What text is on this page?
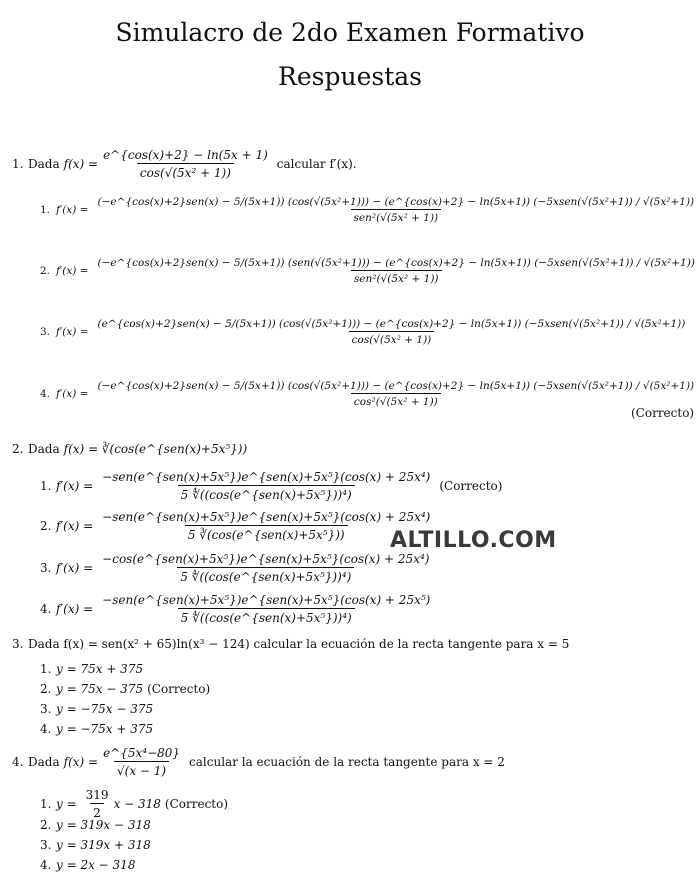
Simulacro de 2do Examen Formativo
Respuestas
1. Dada $f(x) = \frac{e\^{}\{\cos(x)+2\} - \ln(5x + 1)}{\text{cos(√(5x² + 1))}}$ calcular f′(x).
1. f′(x) =
(−e^{cos(x)+2}sen(x) − 5/(5x+1)) (cos(√(5x²+1))) − (e^{cos(x)+2} − ln(5x+1)) (−5xsen(√(5x²+1)) / √(5x²+1))
sen²(√(5x² + 1))
2. f′(x) =
(−e^{cos(x)+2}sen(x) − 5/(5x+1)) (sen(√(5x²+1))) − (e^{cos(x)+2} − ln(5x+1)) (−5xsen(√(5x²+1)) / √(5x²+1))
sen²(√(5x² + 1))
3. f′(x) =
(e^{cos(x)+2}sen(x) − 5/(5x+1)) (cos(√(5x²+1))) − (e^{cos(x)+2} − ln(5x+1)) (−5xsen(√(5x²+1)) / √(5x²+1))
cos(√(5x² + 1))
4. f′(x) =
(−e^{cos(x)+2}sen(x) − 5/(5x+1)) (cos(√(5x²+1))) − (e^{cos(x)+2} − ln(5x+1)) (−5xsen(√(5x²+1)) / √(5x²+1))
cos²(√(5x² + 1))
(Correcto)
2. Dada f(x) = ∛(cos(e^{sen(x)+5x⁵}))
1. $f'(x) = \frac{\text{−sen(e\textasciicircum{}\{sen(x)+5x⁵\})e\textasciicircum{}\{sen(x)+5x⁵\}(cos(x) + 25x⁴)}}{\text{5 ∜((cos(e\textasciicircum{}\{sen(x)+5x⁵\}))⁴)}}$ (Correcto)
2. $f'(x) = \frac{\text{−sen(e\textasciicircum{}\{sen(x)+5x⁵\})e\textasciicircum{}\{sen(x)+5x⁵\}(cos(x) + 25x⁴)}}{\text{5 ∛(cos(e\textasciicircum{}\{sen(x)+5x⁵\}))}}$
3. $f'(x) = \frac{\text{−cos(e\textasciicircum{}\{sen(x)+5x⁵\})e\textasciicircum{}\{sen(x)+5x⁵\}(cos(x) + 25x⁴)}}{\text{5 ∜((cos(e\textasciicircum{}\{sen(x)+5x⁵\}))⁴)}}$
4. $f'(x) = \frac{\text{−sen(e\textasciicircum{}\{sen(x)+5x⁵\})e\textasciicircum{}\{sen(x)+5x⁵\}(cos(x) + 25x⁵)}}{\text{5 ∜((cos(e\textasciicircum{}\{sen(x)+5x⁵\}))⁴)}}$
ALTILLO.COM
3. Dada f(x) = sen(x² + 65)ln(x³ − 124) calcular la ecuación de la recta tangente para x = 5
1. y = 75x + 375
2. y = 75x − 375 (Correcto)
3. y = −75x − 375
4. y = −75x + 375
4. Dada $f(x) = \frac{\text{e\textasciicircum{}\{5x⁴−80\}}}{√(x - 1)}$ calcular la ecuación de la recta tangente para x = 2
1. $y = \frac{319}{2}$ x − 318 (Correcto)
2. y = 319x − 318
3. y = 319x + 318
4. y = 2x − 318
